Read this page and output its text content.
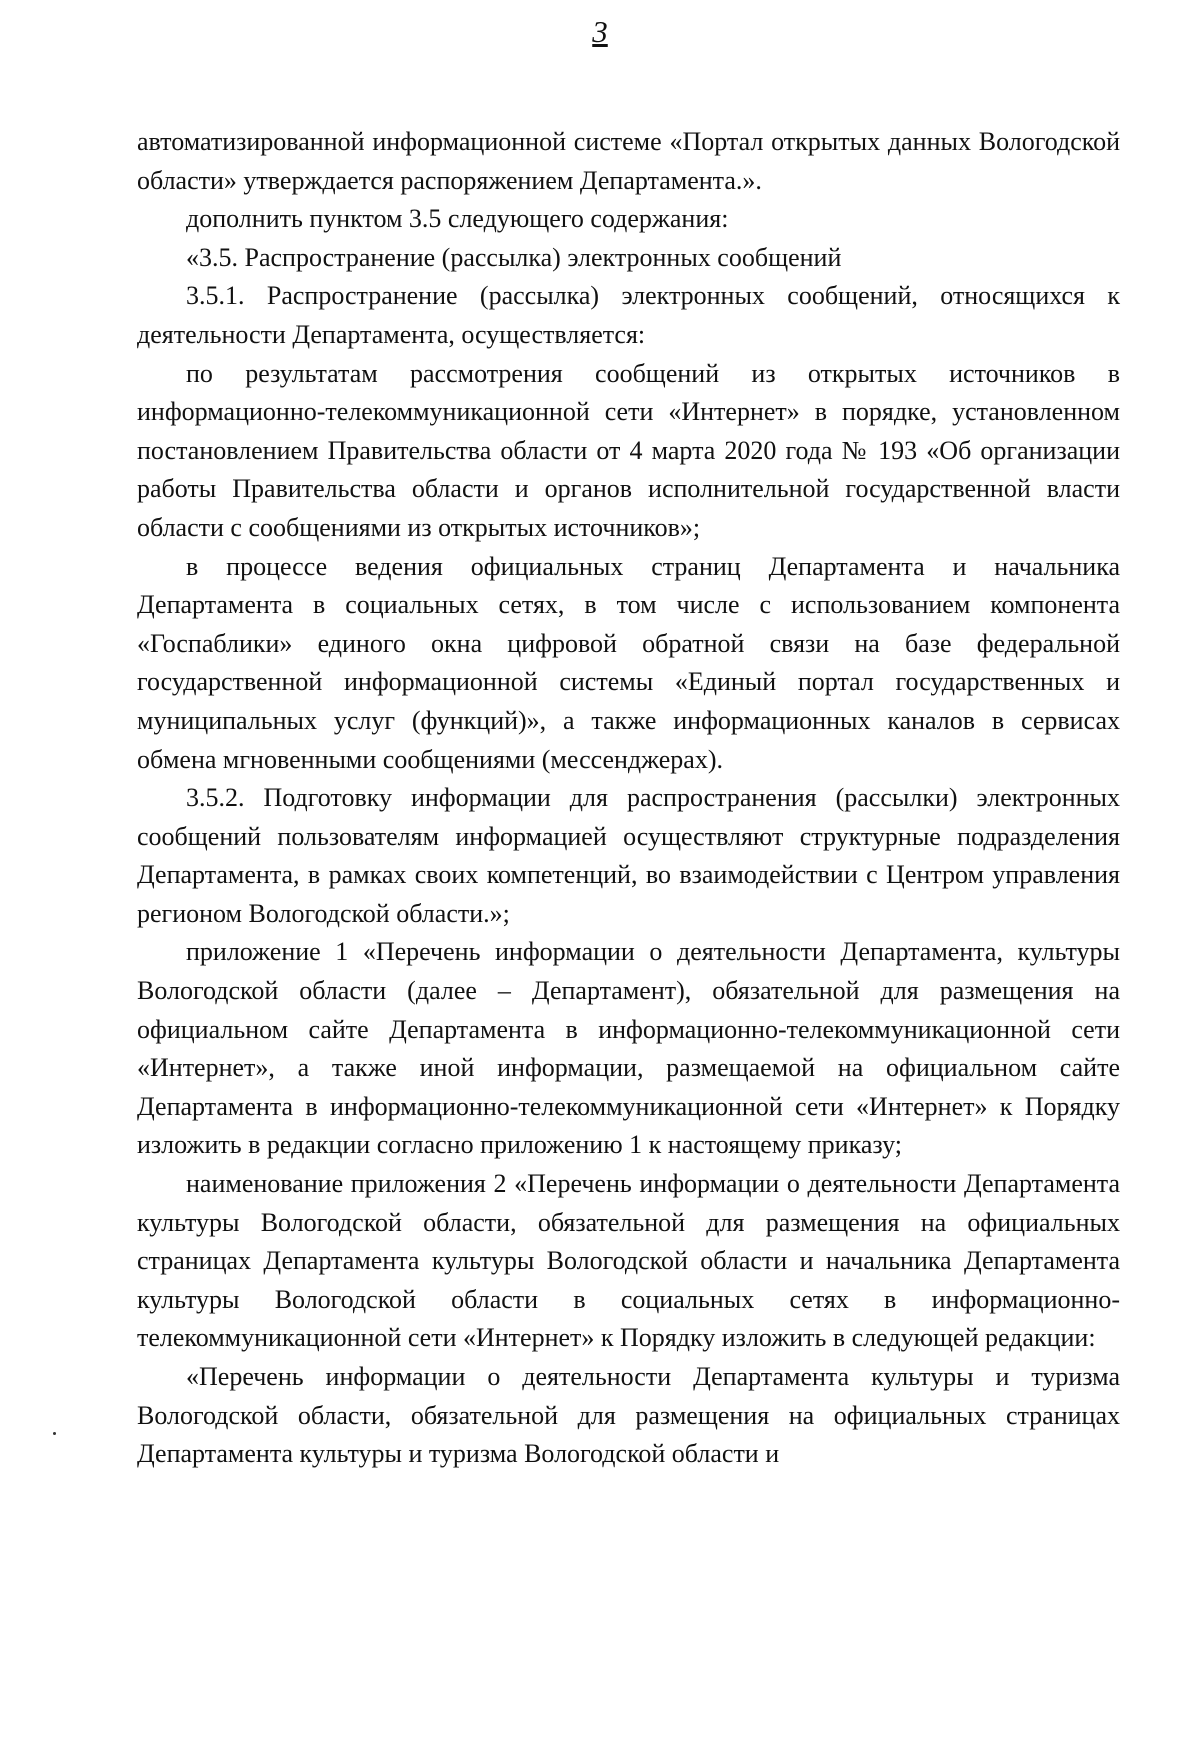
3

автоматизированной информационной системе «Портал открытых данных Вологодской области» утверждается распоряжением Департамента.».

дополнить пунктом 3.5 следующего содержания:

«3.5. Распространение (рассылка) электронных сообщений

3.5.1. Распространение (рассылка) электронных сообщений, относящихся к деятельности Департамента, осуществляется:

по результатам рассмотрения сообщений из открытых источников в информационно-телекоммуникационной сети «Интернет» в порядке, установленном постановлением Правительства области от 4 марта 2020 года № 193 «Об организации работы Правительства области и органов исполнительной государственной власти области с сообщениями из открытых источников»;

в процессе ведения официальных страниц Департамента и начальника Департамента в социальных сетях, в том числе с использованием компонента «Госпаблики» единого окна цифровой обратной связи на базе федеральной государственной информационной системы «Единый портал государственных и муниципальных услуг (функций)», а также информационных каналов в сервисах обмена мгновенными сообщениями (мессенджерах).

3.5.2. Подготовку информации для распространения (рассылки) электронных сообщений пользователям информацией осуществляют структурные подразделения Департамента, в рамках своих компетенций, во взаимодействии с Центром управления регионом Вологодской области.»;

приложение 1 «Перечень информации о деятельности Департамента, культуры Вологодской области (далее – Департамент), обязательной для размещения на официальном сайте Департамента в информационно-телекоммуникационной сети «Интернет», а также иной информации, размещаемой на официальном сайте Департамента в информационно-телекоммуникационной сети «Интернет» к Порядку изложить в редакции согласно приложению 1 к настоящему приказу;

наименование приложения 2 «Перечень информации о деятельности Департамента культуры Вологодской области, обязательной для размещения на официальных страницах Департамента культуры Вологодской области и начальника Департамента культуры Вологодской области в социальных сетях в информационно-телекоммуникационной сети «Интернет» к Порядку изложить в следующей редакции:

«Перечень информации о деятельности Департамента культуры и туризма Вологодской области, обязательной для размещения на официальных страницах Департамента культуры и туризма Вологодской области и
